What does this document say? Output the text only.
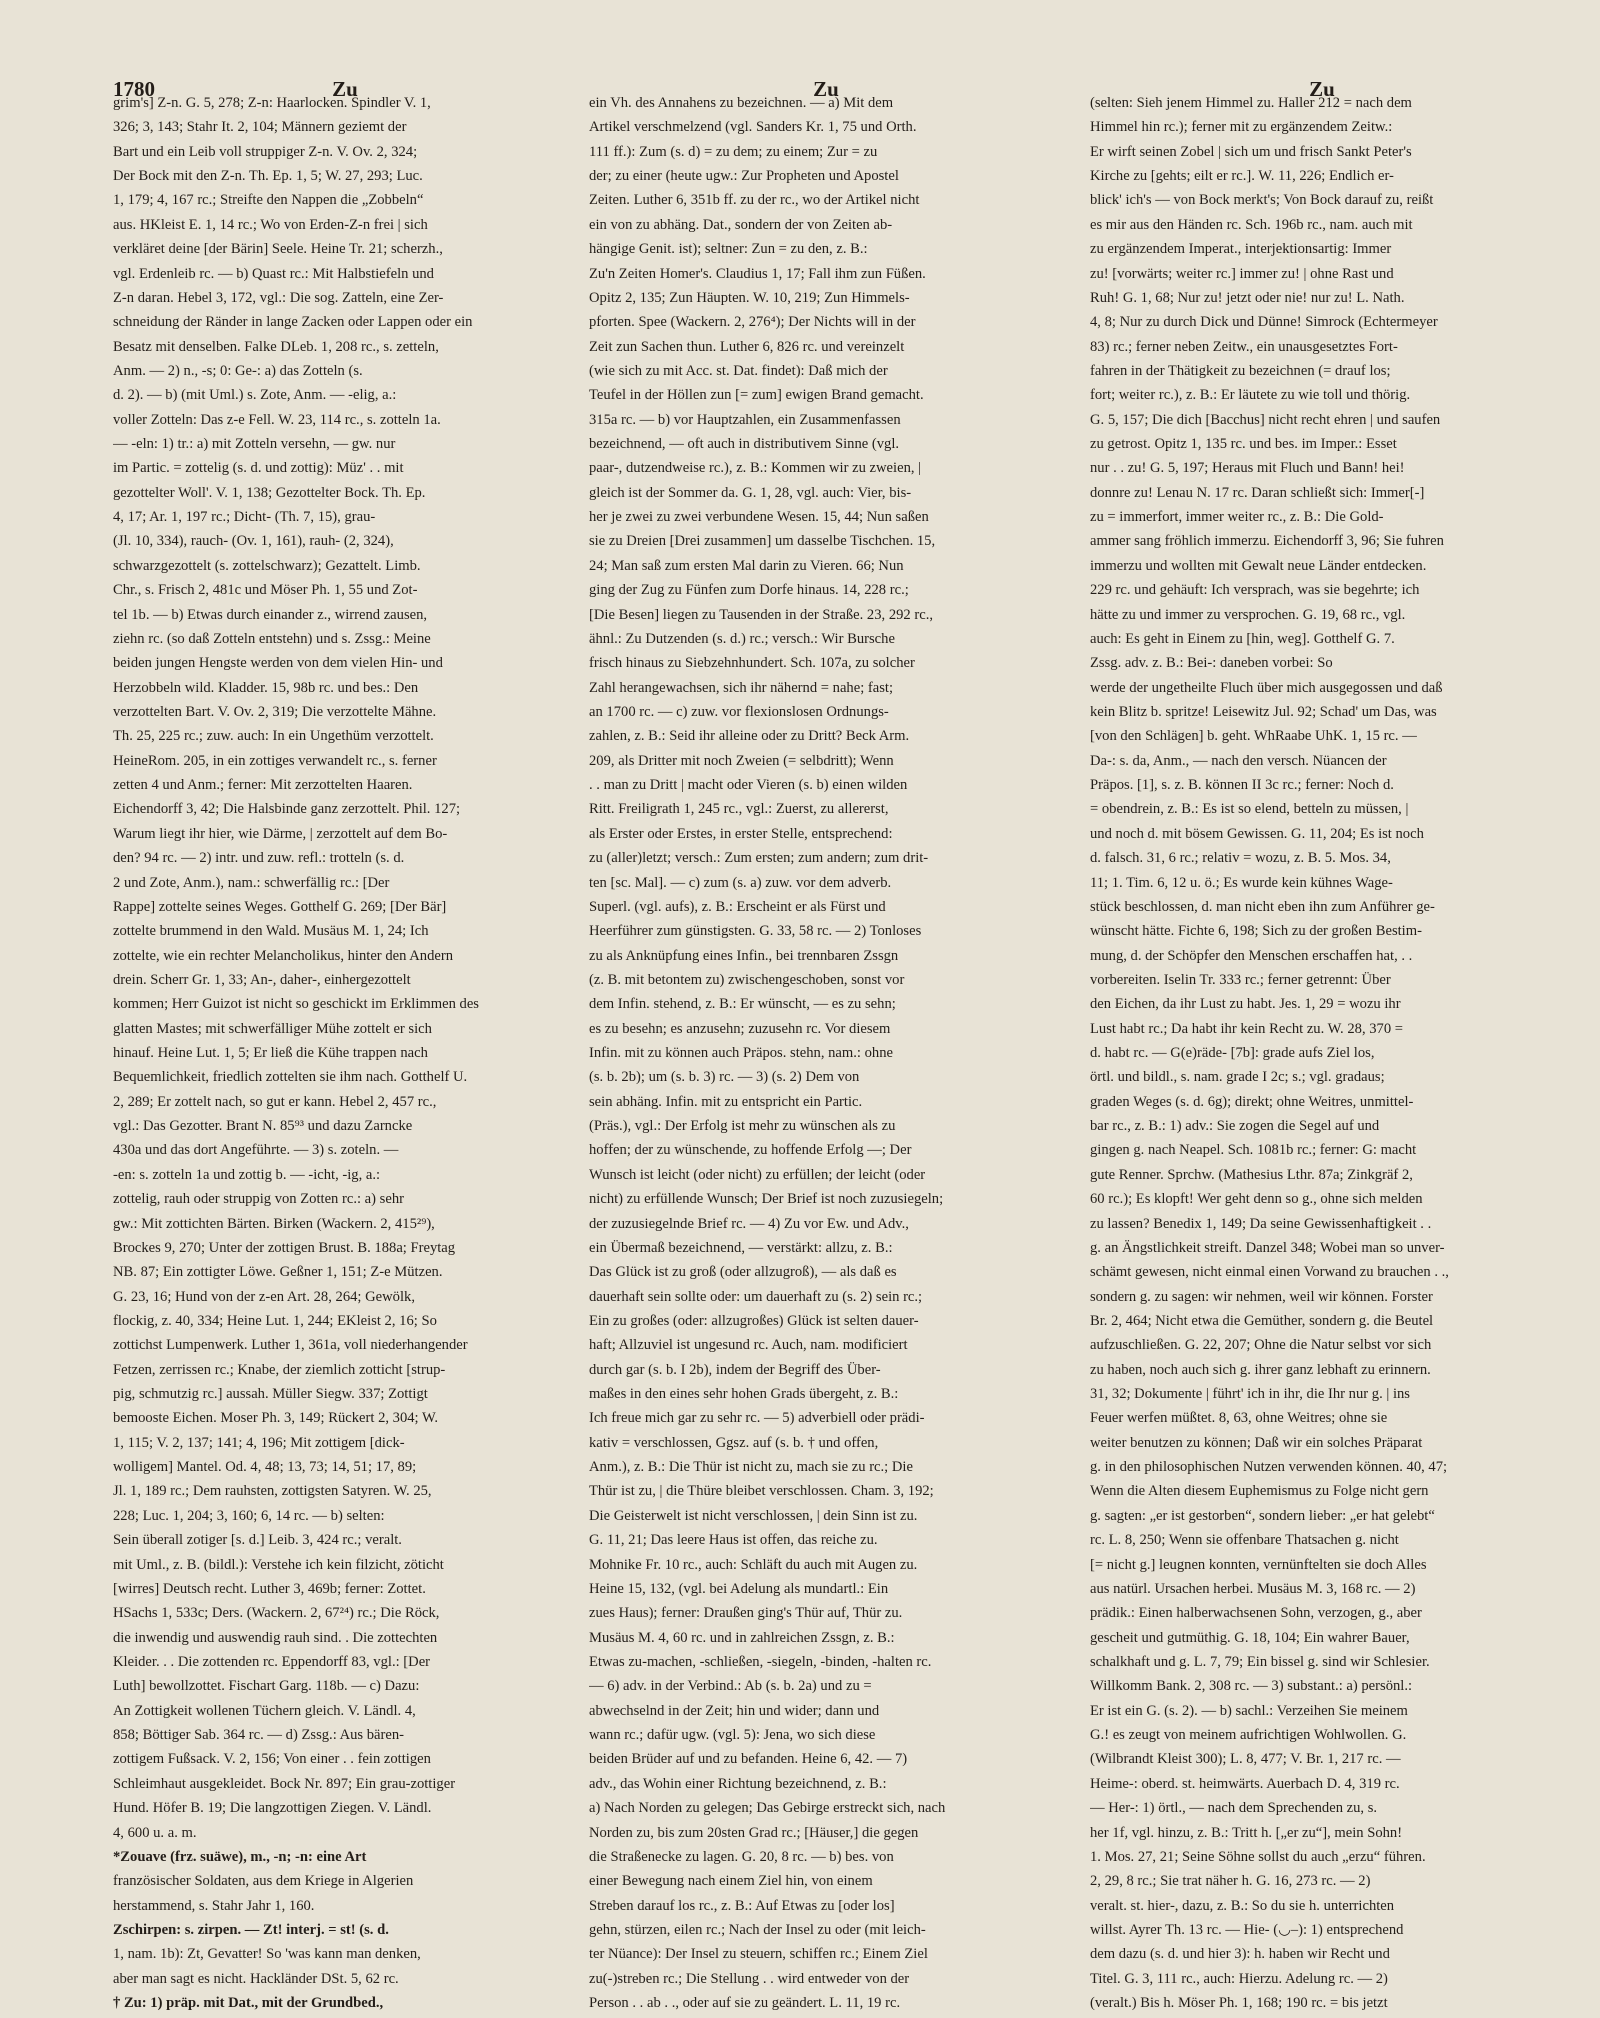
1780	Zu	Zu	Zu
grim's] Z-n. G. 5, 278; Z-n: Haarlocken. Spindler V. 1,
326; 3, 143; Stahr It. 2, 104; Männern geziemt der
Bart und ein Leib voll struppiger Z-n. V. Ov. 2, 324;
Der Bock mit den Z-n. Th. Ep. 1, 5; W. 27, 293; Luc.
1, 179; 4, 167 rc.; Streifte den Nappen die „Zobbeln“
aus. HKleist E. 1, 14 rc.; Wo von Erden-Z-n frei | sich
verkläret deine [der Bärin] Seele. Heine Tr. 21; scherzh.,
vgl. Erdenleib rc. — b) Quast rc.: Mit Halbstiefeln und
Z-n daran. Hebel 3, 172, vgl.: Die sog. Zatteln, eine Zer-
schneidung der Ränder in lange Zacken oder Lappen oder ein
Besatz mit denselben. Falke DLeb. 1, 208 rc., s. zetteln,
Anm. — 2) n., -s; 0: Ge-: a) das Zotteln (s.
d. 2). — b) (mit Uml.) s. Zote, Anm. — -elig, a.:
voller Zotteln: Das z-e Fell. W. 23, 114 rc., s. zotteln 1a.
— -eln: 1) tr.: a) mit Zotteln versehn, — gw. nur
im Partic. = zottelig (s. d. und zottig): Müz' . . mit
gezottelter Woll'. V. 1, 138; Gezottelter Bock. Th. Ep.
4, 17; Ar. 1, 197 rc.; Dicht- (Th. 7, 15), grau-
(Jl. 10, 334), rauch- (Ov. 1, 161), rauh- (2, 324),
schwarzgezottelt (s. zottelschwarz); Gezattelt. Limb.
Chr., s. Frisch 2, 481c und Möser Ph. 1, 55 und Zot-
tel 1b. — b) Etwas durch einander z., wirrend zausen,
ziehn rc. (so daß Zotteln entstehn) und s. Zssg.: Meine
beiden jungen Hengste werden von dem vielen Hin- und
Herzobbeln wild. Kladder. 15, 98b rc. und bes.: Den
verzottelten Bart. V. Ov. 2, 319; Die verzottelte Mähne.
Th. 25, 225 rc.; zuw. auch: In ein Ungethüm verzottelt.
HeineRom. 205, in ein zottiges verwandelt rc., s. ferner
zetten 4 und Anm.; ferner: Mit zerzottelten Haaren.
Eichendorff 3, 42; Die Halsbinde ganz zerzottelt. Phil. 127;
Warum liegt ihr hier, wie Därme, | zerzottelt auf dem Bo-
den? 94 rc. — 2) intr. und zuw. refl.: trotteln (s. d.
2 und Zote, Anm.), nam.: schwerfällig rc.: [Der
Rappe] zottelte seines Weges. Gotthelf G. 269; [Der Bär]
zottelte brummend in den Wald. Musäus M. 1, 24; Ich
zottelte, wie ein rechter Melancholikus, hinter den Andern
drein. Scherr Gr. 1, 33; An-, daher-, einhergezottelt
kommen; Herr Guizot ist nicht so geschickt im Erklimmen des
glatten Mastes; mit schwerfälliger Mühe zottelt er sich
hinauf. Heine Lut. 1, 5; Er ließ die Kühe trappen nach
Bequemlichkeit, friedlich zottelten sie ihm nach. Gotthelf U.
2, 289; Er zottelt nach, so gut er kann. Hebel 2, 457 rc.,
vgl.: Das Gezotter. Brant N. 85⁹³ und dazu Zarncke
430a und das dort Angeführte. — 3) s. zoteln. —
-en: s. zotteln 1a und zottig b. — -icht, -ig, a.:
zottelig, rauh oder struppig von Zotten rc.: a) sehr
gw.: Mit zottichten Bärten. Birken (Wackern. 2, 415²⁹),
Brockes 9, 270; Unter der zottigen Brust. B. 188a; Freytag
NB. 87; Ein zottigter Löwe. Geßner 1, 151; Z-e Mützen.
G. 23, 16; Hund von der z-en Art. 28, 264; Gewölk,
flockig, z. 40, 334; Heine Lut. 1, 244; EKleist 2, 16; So
zottichst Lumpenwerk. Luther 1, 361a, voll niederhangender
Fetzen, zerrissen rc.; Knabe, der ziemlich zotticht [strup-
pig, schmutzig rc.] aussah. Müller Siegw. 337; Zottigt
bemooste Eichen. Moser Ph. 3, 149; Rückert 2, 304; W.
1, 115; V. 2, 137; 141; 4, 196; Mit zottigem [dick-
wolligem] Mantel. Od. 4, 48; 13, 73; 14, 51; 17, 89;
Jl. 1, 189 rc.; Dem rauhsten, zottigsten Satyren. W. 25,
228; Luc. 1, 204; 3, 160; 6, 14 rc. — b) selten:
Sein überall zotiger [s. d.] Leib. 3, 424 rc.; veralt.
mit Uml., z. B. (bildl.): Verstehe ich kein filzicht, zöticht
[wirres] Deutsch recht. Luther 3, 469b; ferner: Zottet.
HSachs 1, 533c; Ders. (Wackern. 2, 67²⁴) rc.; Die Röck,
die inwendig und auswendig rauh sind. . Die zottechten
Kleider. . . Die zottenden rc. Eppendorff 83, vgl.: [Der
Luth] bewollzottet. Fischart Garg. 118b. — c) Dazu:
An Zottigkeit wollenen Tüchern gleich. V. Ländl. 4,
858; Böttiger Sab. 364 rc. — d) Zssg.: Aus bären-
zottigem Fußsack. V. 2, 156; Von einer . . fein zottigen
Schleimhaut ausgekleidet. Bock Nr. 897; Ein grau-zottiger
Hund. Höfer B. 19; Die langzottigen Ziegen. V. Ländl.
4, 600 u. a. m.
*Zouave (frz. suäwe), m., -n; -n: eine Art
französischer Soldaten, aus dem Kriege in Algerien
herstammend, s. Stahr Jahr 1, 160.
Zschirpen: s. zirpen. — Zt! interj. = st! (s. d.
1, nam. 1b): Zt, Gevatter! So 'was kann man denken,
aber man sagt es nicht. Hackländer DSt. 5, 62 rc.
† Zu: 1) präp. mit Dat., mit der Grundbed.,
ein Vh. des Annahens zu bezeichnen. — a) Mit dem
Artikel verschmelzend (vgl. Sanders Kr. 1, 75 und Orth.
111 ff.): Zum (s. d) = zu dem; zu einem; Zur = zu
der; zu einer (heute ugw.: Zur Propheten und Apostel
Zeiten. Luther 6, 351b ff. zu der rc., wo der Artikel nicht
ein von zu abhäng. Dat., sondern der von Zeiten ab-
hängige Genit. ist); seltner: Zun = zu den, z. B.:
Zu'n Zeiten Homer's. Claudius 1, 17; Fall ihm zun Füßen.
Opitz 2, 135; Zun Häupten. W. 10, 219; Zun Himmels-
pforten. Spee (Wackern. 2, 276⁴); Der Nichts will in der
Zeit zun Sachen thun. Luther 6, 826 rc. und vereinzelt
(wie sich zu mit Acc. st. Dat. findet): Daß mich der
Teufel in der Höllen zun [= zum] ewigen Brand gemacht.
315a rc. — b) vor Hauptzahlen, ein Zusammenfassen
bezeichnend, — oft auch in distributivem Sinne (vgl.
paar-, dutzendweise rc.), z. B.: Kommen wir zu zweien, |
gleich ist der Sommer da. G. 1, 28, vgl. auch: Vier, bis-
her je zwei zu zwei verbundene Wesen. 15, 44; Nun saßen
sie zu Dreien [Drei zusammen] um dasselbe Tischchen. 15,
24; Man saß zum ersten Mal darin zu Vieren. 66; Nun
ging der Zug zu Fünfen zum Dorfe hinaus. 14, 228 rc.;
[Die Besen] liegen zu Tausenden in der Straße. 23, 292 rc.,
ähnl.: Zu Dutzenden (s. d.) rc.; versch.: Wir Bursche
frisch hinaus zu Siebzehnhundert. Sch. 107a, zu solcher
Zahl herangewachsen, sich ihr nähernd = nahe; fast;
an 1700 rc. — c) zuw. vor flexionslosen Ordnungs-
zahlen, z. B.: Seid ihr alleine oder zu Dritt? Beck Arm.
209, als Dritter mit noch Zweien (= selbdritt); Wenn
. . man zu Dritt | macht oder Vieren (s. b) einen wilden
Ritt. Freiligrath 1, 245 rc., vgl.: Zuerst, zu allererst,
als Erster oder Erstes, in erster Stelle, entsprechend:
zu (aller)letzt; versch.: Zum ersten; zum andern; zum drit-
ten [sc. Mal]. — c) zum (s. a) zuw. vor dem adverb.
Superl. (vgl. aufs), z. B.: Erscheint er als Fürst und
Heerführer zum günstigsten. G. 33, 58 rc. — 2) Tonloses
zu als Anknüpfung eines Infin., bei trennbaren Zssgn
(z. B. mit betontem zu) zwischengeschoben, sonst vor
dem Infin. stehend, z. B.: Er wünscht, — es zu sehn;
es zu besehn; es anzusehn; zuzusehn rc. Vor diesem
Infin. mit zu können auch Präpos. stehn, nam.: ohne
(s. b. 2b); um (s. b. 3) rc. — 3) (s. 2) Dem von
sein abhäng. Infin. mit zu entspricht ein Partic.
(Präs.), vgl.: Der Erfolg ist mehr zu wünschen als zu
hoffen; der zu wünschende, zu hoffende Erfolg —; Der
Wunsch ist leicht (oder nicht) zu erfüllen; der leicht (oder
nicht) zu erfüllende Wunsch; Der Brief ist noch zuzusiegeln;
der zuzusiegelnde Brief rc. — 4) Zu vor Ew. und Adv.,
ein Übermaß bezeichnend, — verstärkt: allzu, z. B.:
Das Glück ist zu groß (oder allzugroß), — als daß es
dauerhaft sein sollte oder: um dauerhaft zu (s. 2) sein rc.;
Ein zu großes (oder: allzugroßes) Glück ist selten dauer-
haft; Allzuviel ist ungesund rc. Auch, nam. modificiert
durch gar (s. b. I 2b), indem der Begriff des Über-
maßes in den eines sehr hohen Grads übergeht, z. B.:
Ich freue mich gar zu sehr rc. — 5) adverbiell oder prädi-
kativ = verschlossen, Ggsz. auf (s. b. † und offen,
Anm.), z. B.: Die Thür ist nicht zu, mach sie zu rc.; Die
Thür ist zu, | die Thüre bleibet verschlossen. Cham. 3, 192;
Die Geisterwelt ist nicht verschlossen, | dein Sinn ist zu.
G. 11, 21; Das leere Haus ist offen, das reiche zu.
Mohnike Fr. 10 rc., auch: Schläft du auch mit Augen zu.
Heine 15, 132, (vgl. bei Adelung als mundartl.: Ein
zues Haus); ferner: Draußen ging's Thür auf, Thür zu.
Musäus M. 4, 60 rc. und in zahlreichen Zssgn, z. B.:
Etwas zu-machen, -schließen, -siegeln, -binden, -halten rc.
— 6) adv. in der Verbind.: Ab (s. b. 2a) und zu =
abwechselnd in der Zeit; hin und wider; dann und
wann rc.; dafür ugw. (vgl. 5): Jena, wo sich diese
beiden Brüder auf und zu befanden. Heine 6, 42. — 7)
adv., das Wohin einer Richtung bezeichnend, z. B.:
a) Nach Norden zu gelegen; Das Gebirge erstreckt sich, nach
Norden zu, bis zum 20sten Grad rc.; [Häuser,] die gegen
die Straßenecke zu lagen. G. 20, 8 rc. — b) bes. von
einer Bewegung nach einem Ziel hin, von einem
Streben darauf los rc., z. B.: Auf Etwas zu [oder los]
gehn, stürzen, eilen rc.; Nach der Insel zu oder (mit leich-
ter Nüance): Der Insel zu steuern, schiffen rc.; Einem Ziel
zu(-)streben rc.; Die Stellung . . wird entweder von der
Person . . ab . ., oder auf sie zu geändert. L. 11, 19 rc.
(selten: Sieh jenem Himmel zu. Haller 212 = nach dem
Himmel hin rc.); ferner mit zu ergänzendem Zeitw.:
Er wirft seinen Zobel | sich um und frisch Sankt Peter's
Kirche zu [gehts; eilt er rc.]. W. 11, 226; Endlich er-
blick' ich's — von Bock merkt's; Von Bock darauf zu, reißt
es mir aus den Händen rc. Sch. 196b rc., nam. auch mit
zu ergänzendem Imperat., interjektionsartig: Immer
zu! [vorwärts; weiter rc.] immer zu! | ohne Rast und
Ruh! G. 1, 68; Nur zu! jetzt oder nie! nur zu! L. Nath.
4, 8; Nur zu durch Dick und Dünne! Simrock (Echtermeyer
83) rc.; ferner neben Zeitw., ein unausgesetztes Fort-
fahren in der Thätigkeit zu bezeichnen (= drauf los;
fort; weiter rc.), z. B.: Er läutete zu wie toll und thörig.
G. 5, 157; Die dich [Bacchus] nicht recht ehren | und saufen
zu getrost. Opitz 1, 135 rc. und bes. im Imper.: Esset
nur . . zu! G. 5, 197; Heraus mit Fluch und Bann! hei!
donnre zu! Lenau N. 17 rc. Daran schließt sich: Immer[-]
zu = immerfort, immer weiter rc., z. B.: Die Gold-
ammer sang fröhlich immerzu. Eichendorff 3, 96; Sie fuhren
immerzu und wollten mit Gewalt neue Länder entdecken.
229 rc. und gehäuft: Ich versprach, was sie begehrte; ich
hätte zu und immer zu versprochen. G. 19, 68 rc., vgl.
auch: Es geht in Einem zu [hin, weg]. Gotthelf G. 7.
Zssg. adv. z. B.: Bei-: daneben vorbei: So
werde der ungetheilte Fluch über mich ausgegossen und daß
kein Blitz b. spritze! Leisewitz Jul. 92; Schad' um Das, was
[von den Schlägen] b. geht. WhRaabe UhK. 1, 15 rc. —
Da-: s. da, Anm., — nach den versch. Nüancen der
Präpos. [1], s. z. B. können II 3c rc.; ferner: Noch d.
= obendrein, z. B.: Es ist so elend, betteln zu müssen, |
und noch d. mit bösem Gewissen. G. 11, 204; Es ist noch
d. falsch. 31, 6 rc.; relativ = wozu, z. B. 5. Mos. 34,
11; 1. Tim. 6, 12 u. ö.; Es wurde kein kühnes Wage-
stück beschlossen, d. man nicht eben ihn zum Anführer ge-
wünscht hätte. Fichte 6, 198; Sich zu der großen Bestim-
mung, d. der Schöpfer den Menschen erschaffen hat, . .
vorbereiten. Iselin Tr. 333 rc.; ferner getrennt: Über
den Eichen, da ihr Lust zu habt. Jes. 1, 29 = wozu ihr
Lust habt rc.; Da habt ihr kein Recht zu. W. 28, 370 =
d. habt rc. — G(e)räde- [7b]: grade aufs Ziel los,
örtl. und bildl., s. nam. grade I 2c; s.; vgl. gradaus;
graden Weges (s. d. 6g); direkt; ohne Weitres, unmittel-
bar rc., z. B.: 1) adv.: Sie zogen die Segel auf und
gingen g. nach Neapel. Sch. 1081b rc.; ferner: G: macht
gute Renner. Sprchw. (Mathesius Lthr. 87a; Zinkgräf 2,
60 rc.); Es klopft! Wer geht denn so g., ohne sich melden
zu lassen? Benedix 1, 149; Da seine Gewissenhaftigkeit . .
g. an Ängstlichkeit streift. Danzel 348; Wobei man so unver-
schämt gewesen, nicht einmal einen Vorwand zu brauchen . .,
sondern g. zu sagen: wir nehmen, weil wir können. Forster
Br. 2, 464; Nicht etwa die Gemüther, sondern g. die Beutel
aufzuschließen. G. 22, 207; Ohne die Natur selbst vor sich
zu haben, noch auch sich g. ihrer ganz lebhaft zu erinnern.
31, 32; Dokumente | führt' ich in ihr, die Ihr nur g. | ins
Feuer werfen müßtet. 8, 63, ohne Weitres; ohne sie
weiter benutzen zu können; Daß wir ein solches Präparat
g. in den philosophischen Nutzen verwenden können. 40, 47;
Wenn die Alten diesem Euphemismus zu Folge nicht gern
g. sagten: „er ist gestorben“, sondern lieber: „er hat gelebt“
rc. L. 8, 250; Wenn sie offenbare Thatsachen g. nicht
[= nicht g.] leugnen konnten, vernünftelten sie doch Alles
aus natürl. Ursachen herbei. Musäus M. 3, 168 rc. — 2)
prädik.: Einen halberwachsenen Sohn, verzogen, g., aber
gescheit und gutmüthig. G. 18, 104; Ein wahrer Bauer,
schalkhaft und g. L. 7, 79; Ein bissel g. sind wir Schlesier.
Willkomm Bank. 2, 308 rc. — 3) substant.: a) persönl.:
Er ist ein G. (s. 2). — b) sachl.: Verzeihen Sie meinem
G.! es zeugt von meinem aufrichtigen Wohlwollen. G.
(Wilbrandt Kleist 300); L. 8, 477; V. Br. 1, 217 rc. —
Heime-: oberd. st. heimwärts. Auerbach D. 4, 319 rc.
— Her-: 1) örtl., — nach dem Sprechenden zu, s.
her 1f, vgl. hinzu, z. B.: Tritt h. [„er zu“], mein Sohn!
1. Mos. 27, 21; Seine Söhne sollst du auch „erzu“ führen.
2, 29, 8 rc.; Sie trat näher h. G. 16, 273 rc. — 2)
veralt. st. hier-, dazu, z. B.: So du sie h. unterrichten
willst. Ayrer Th. 13 rc. — Hie- (◡–): 1) entsprechend
dem dazu (s. d. und hier 3): h. haben wir Recht und
Titel. G. 3, 111 rc., auch: Hierzu. Adelung rc. — 2)
(veralt.) Bis h. Möser Ph. 1, 168; 190 rc. = bis jetzt
